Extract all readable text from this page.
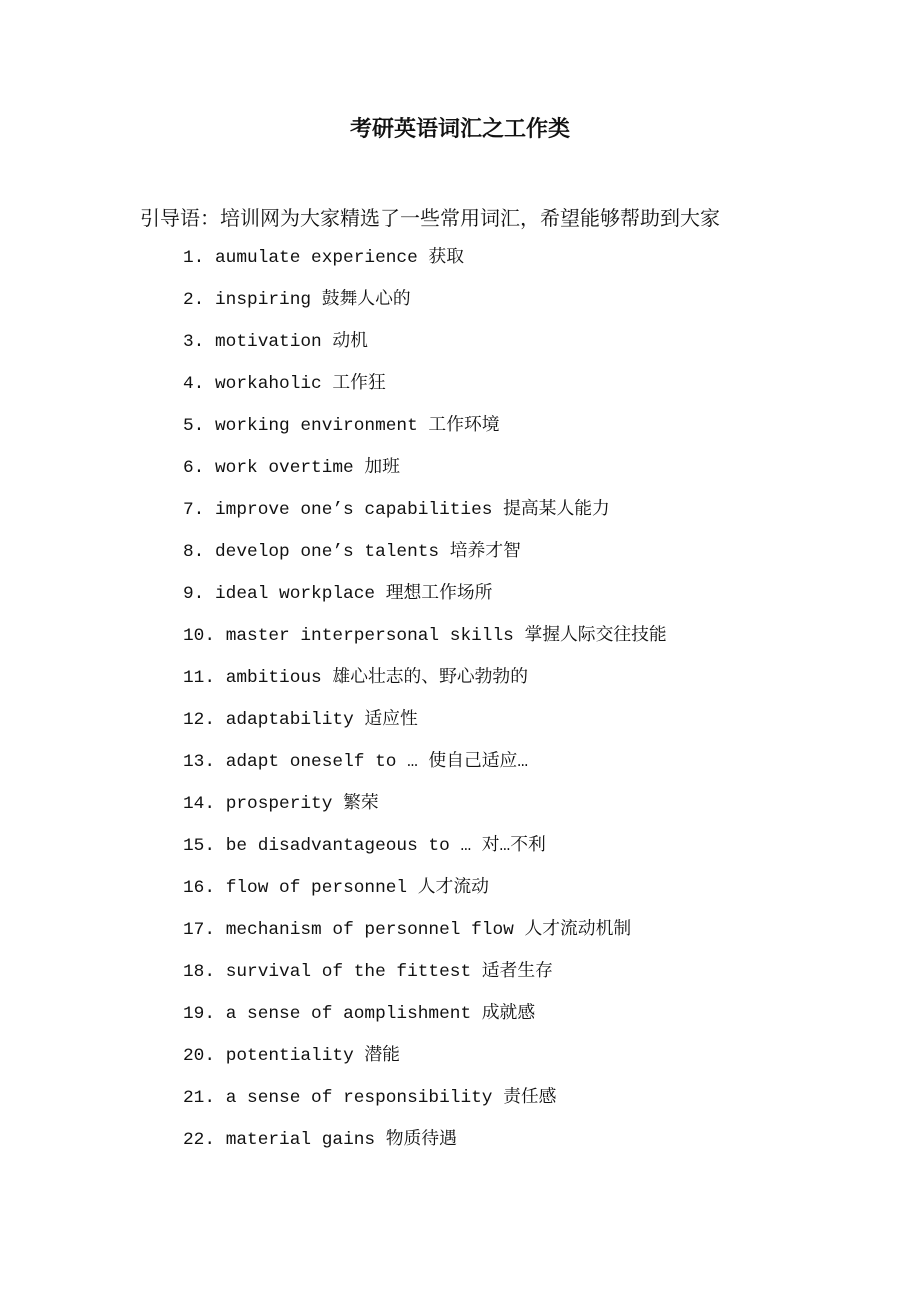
考研英语词汇之工作类
引导语：培训网为大家精选了一些常用词汇，希望能够帮助到大家
1. aumulate experience 获取
2. inspiring 鼓舞人心的
3. motivation 动机
4. workaholic 工作狂
5. working environment 工作环境
6. work overtime 加班
7. improve one’s capabilities 提高某人能力
8. develop one’s talents 培养才智
9. ideal workplace 理想工作场所
10. master interpersonal skills 掌握人际交往技能
11. ambitious 雄心壮志的、野心勃勃的
12. adaptability 适应性
13. adapt oneself to … 使自己适应…
14. prosperity 繁荣
15. be disadvantageous to … 对…不利
16. flow of personnel 人才流动
17. mechanism of personnel flow 人才流动机制
18. survival of the fittest 适者生存
19. a sense of aomplishment 成就感
20. potentiality 潜能
21. a sense of responsibility 责任感
22. material gains 物质待遇
